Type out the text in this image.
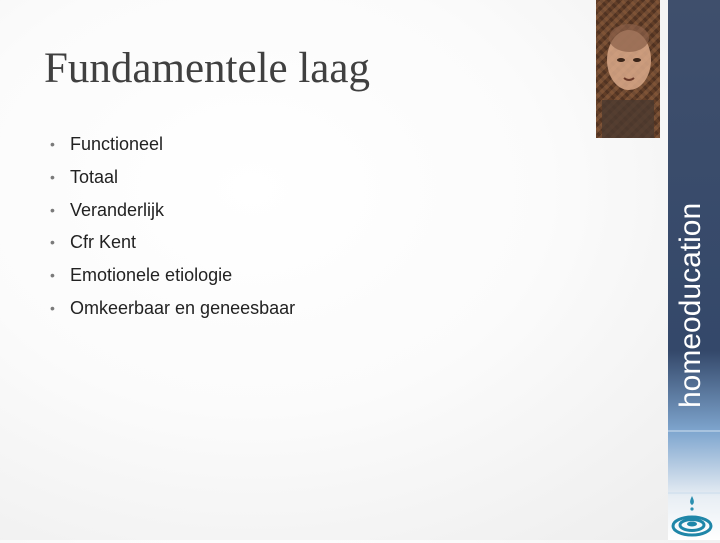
Fundamentele laag
• Functioneel
• Totaal
• Veranderlijk
• Cfr Kent
• Emotionele etiologie
• Omkeerbaar en geneesbaar	homeoducation
